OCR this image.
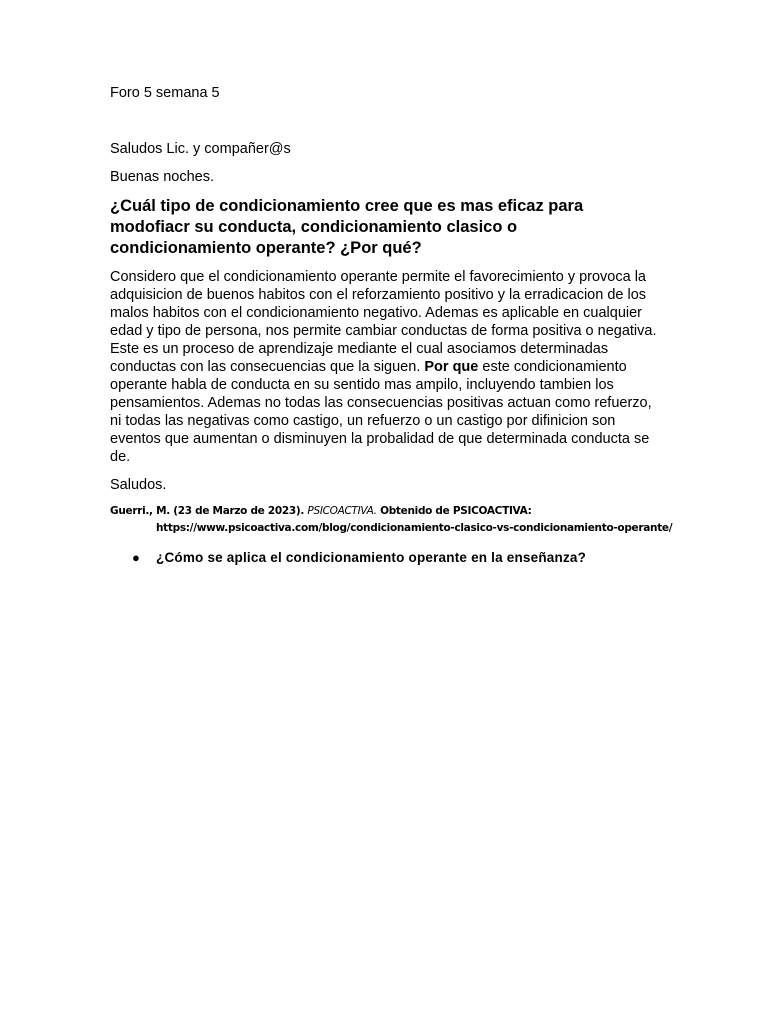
Foro 5 semana 5

Saludos Lic. y compañer@s

Buenas noches.

¿Cuál tipo de condicionamiento cree que es mas eficaz para modofiacr su conducta, condicionamiento clasico o condicionamiento operante? ¿Por qué?

Considero que el condicionamiento operante permite el favorecimiento y provoca la adquisicion de buenos habitos con el reforzamiento positivo y la erradicacion de los malos habitos con el condicionamiento negativo. Ademas es aplicable en cualquier edad y tipo de persona, nos permite cambiar conductas de forma positiva o negativa. Este es un proceso de aprendizaje mediante el cual asociamos determinadas conductas con las consecuencias que la siguen. Por que este condicionamiento operante habla de conducta en su sentido mas ampilo, incluyendo tambien los pensamientos. Ademas no todas las consecuencias positivas actuan como refuerzo, ni todas las negativas como castigo, un refuerzo o un castigo por difinicion son eventos que aumentan o disminuyen la probalidad de que determinada conducta se de.

Saludos.

Guerri., M. (23 de Marzo de 2023). PSICOACTIVA. Obtenido de PSICOACTIVA: https://www.psicoactiva.com/blog/condicionamiento-clasico-vs-condicionamiento-operante/

● ¿Cómo se aplica el condicionamiento operante en la enseñanza?
